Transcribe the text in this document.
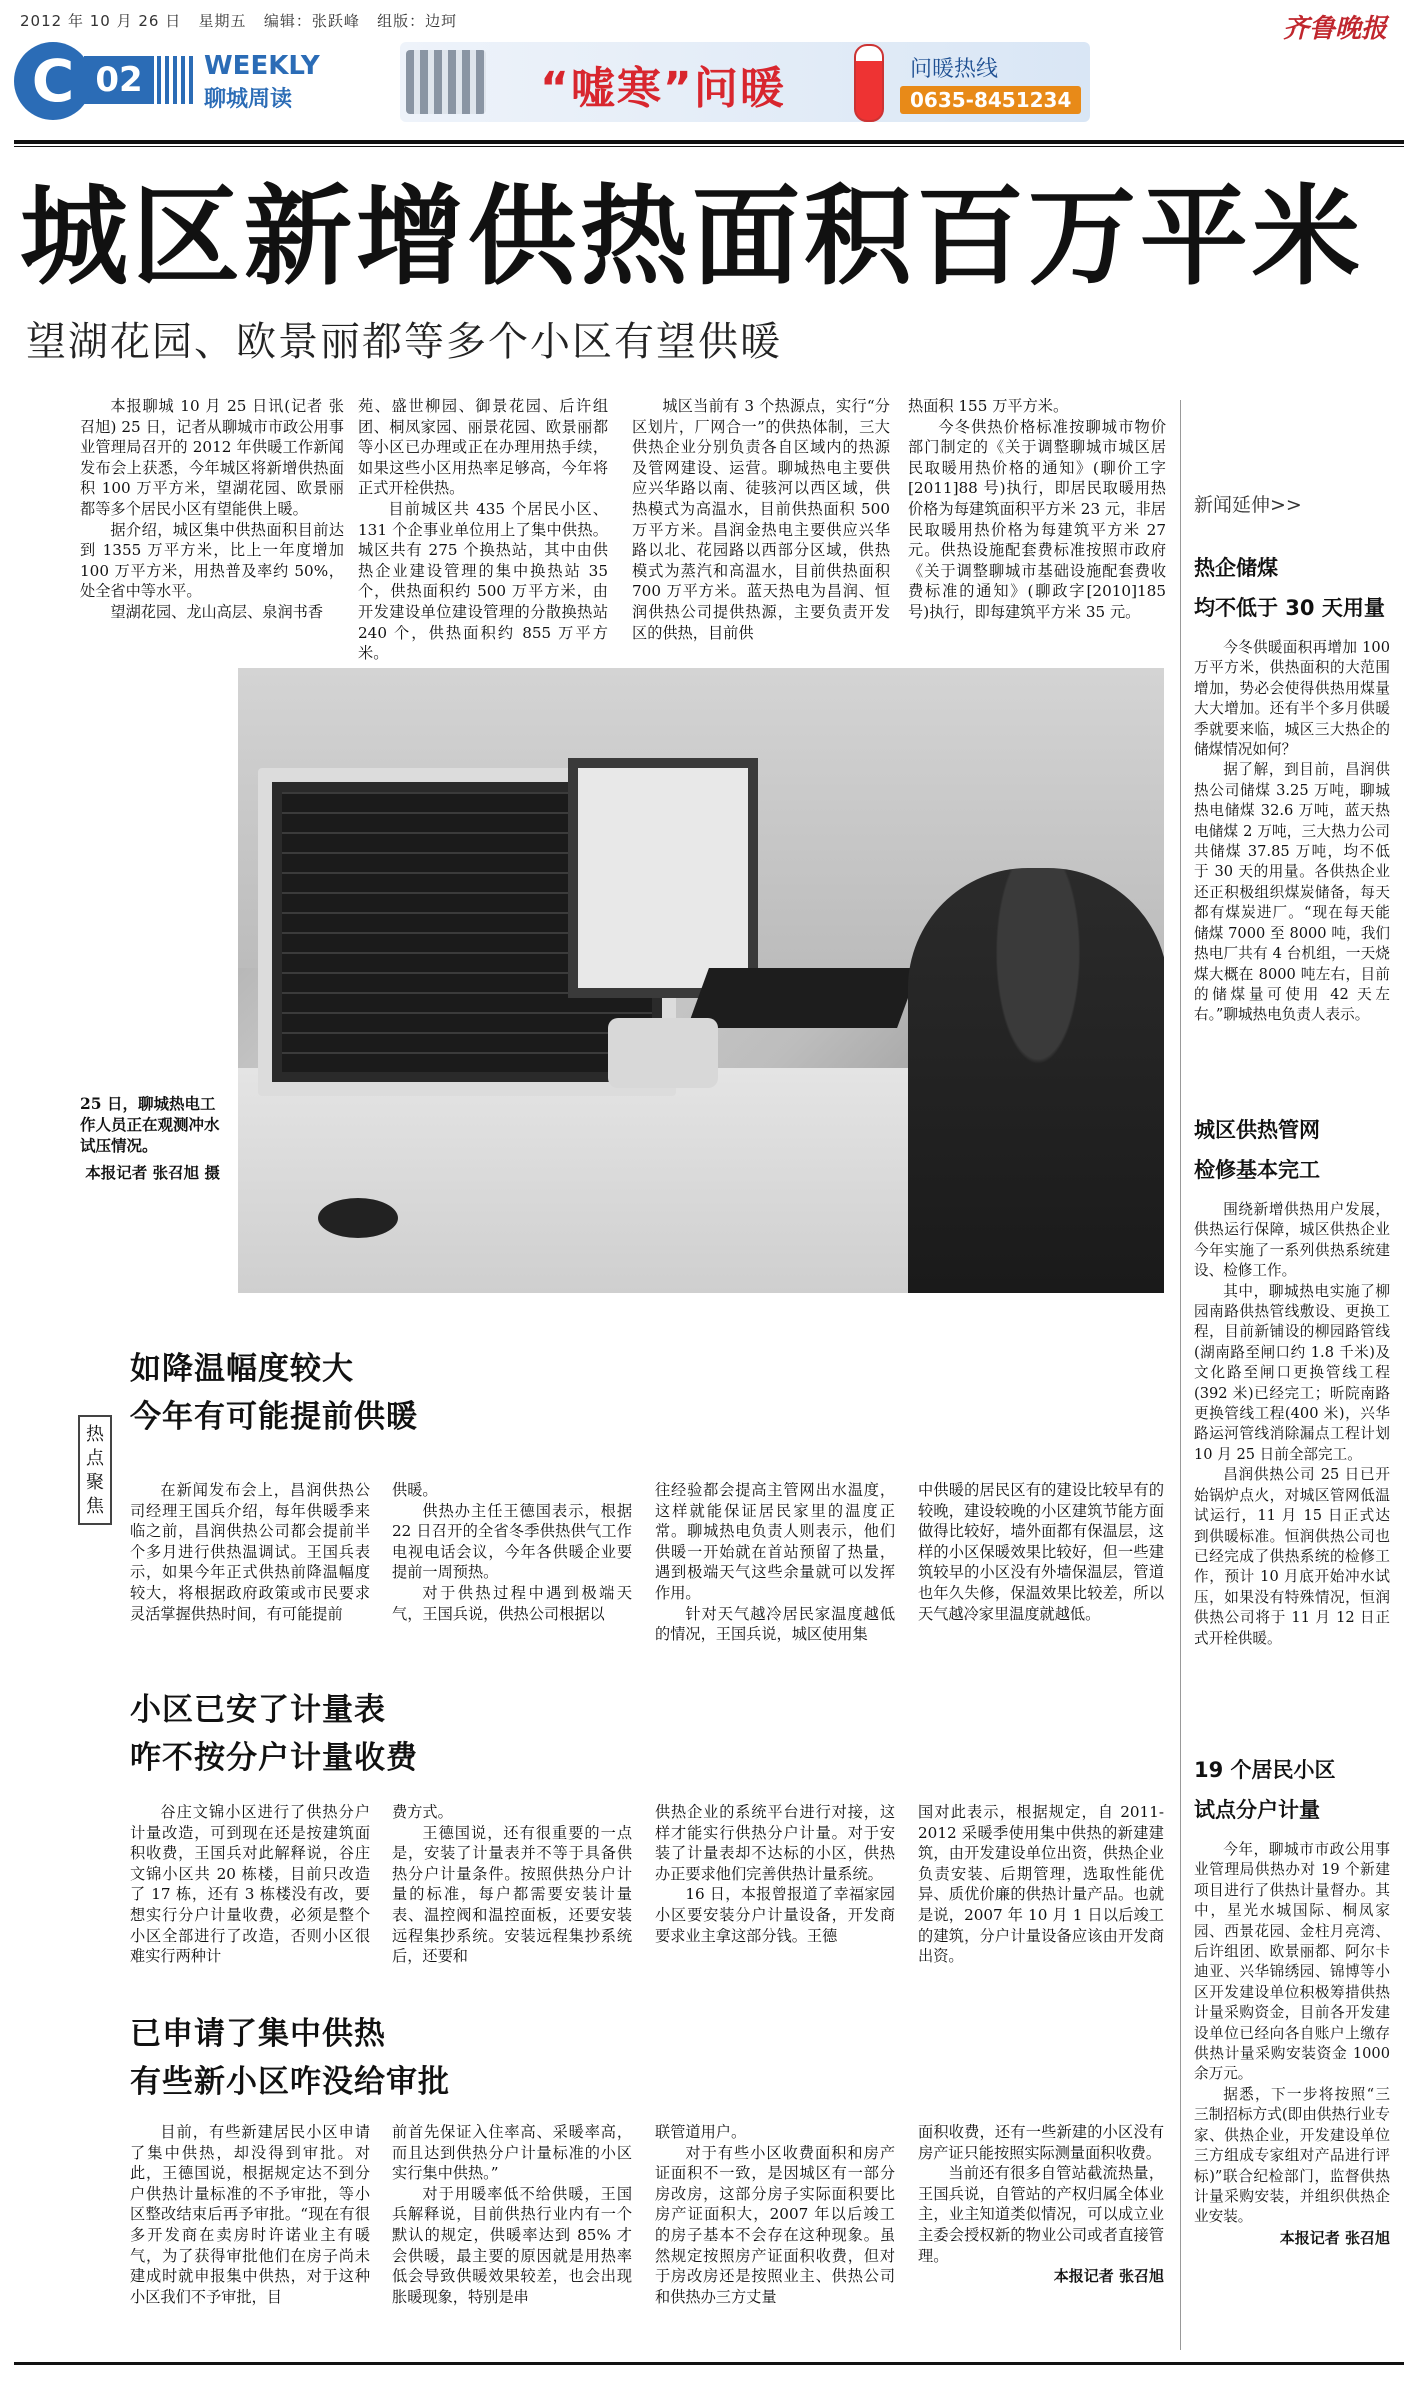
2012 年 10 月 26 日 星期五 编辑：张跃峰 组版：边珂	齐鲁晚报
02
C	WEEKLY
聊城周读	“嘘寒”问暖	问暖热线
0635-8451234
城区新增供热面积百万平米
望湖花园、欧景丽都等多个小区有望供暖

本报聊城 10 月 25 日讯(记者 张召旭) 25 日，记者从聊城市市政公用事业管理局召开的 2012 年供暖工作新闻发布会上获悉，今年城区将新增供热面积 100 万平方米，望湖花园、欧景丽都等多个居民小区有望能供上暖。

据介绍，城区集中供热面积目前达到 1355 万平方米，比上一年度增加 100 万平方米，用热普及率约 50%，处全省中等水平。

望湖花园、龙山高层、泉润书香

苑、盛世柳园、御景花园、后许组团、桐凤家园、丽景花园、欧景丽都等小区已办理或正在办理用热手续，如果这些小区用热率足够高，今年将正式开栓供热。

目前城区共 435 个居民小区、131 个企事业单位用上了集中供热。城区共有 275 个换热站，其中由供热企业建设管理的集中换热站 35 个，供热面积约 500 万平方米，由开发建设单位建设管理的分散换热站 240 个，供热面积约 855 万平方米。

城区当前有 3 个热源点，实行“分区划片，厂网合一”的供热体制，三大供热企业分别负责各自区域内的热源及管网建设、运营。聊城热电主要供应兴华路以南、徒骇河以西区域，供热模式为高温水，目前供热面积 500 万平方米。昌润金热电主要供应兴华路以北、花园路以西部分区域，供热模式为蒸汽和高温水，目前供热面积 700 万平方米。蓝天热电为昌润、恒润供热公司提供热源，主要负责开发区的供热，目前供

热面积 155 万平方米。

今冬供热价格标准按聊城市物价部门制定的《关于调整聊城市城区居民取暖用热价格的通知》(聊价工字[2011]88 号)执行，即居民取暖用热价格为每建筑面积平方米 23 元，非居民取暖用热价格为每建筑平方米 27 元。供热设施配套费标准按照市政府《关于调整聊城市基础设施配套费收费标准的通知》(聊政字[2010]185 号)执行，即每建筑平方米 35 元。

25 日，聊城热电工作人员正在观测冲水试压情况。
本报记者 张召旭 摄
热点聚焦
如降温幅度较大
今年有可能提前供暖

在新闻发布会上，昌润供热公司经理王国兵介绍，每年供暖季来临之前，昌润供热公司都会提前半个多月进行供热温调试。王国兵表示，如果今年正式供热前降温幅度较大，将根据政府政策或市民要求灵活掌握供热时间，有可能提前

供暖。

供热办主任王德国表示，根据 22 日召开的全省冬季供热供气工作电视电话会议，今年各供暖企业要提前一周预热。

对于供热过程中遇到极端天气，王国兵说，供热公司根据以

往经验都会提高主管网出水温度，这样就能保证居民家里的温度正常。聊城热电负责人则表示，他们供暖一开始就在首站预留了热量，遇到极端天气这些余量就可以发挥作用。

针对天气越冷居民家温度越低的情况，王国兵说，城区使用集

中供暖的居民区有的建设比较早有的较晚，建设较晚的小区建筑节能方面做得比较好，墙外面都有保温层，这样的小区保暖效果比较好，但一些建筑较早的小区没有外墙保温层，管道也年久失修，保温效果比较差，所以天气越冷家里温度就越低。

小区已安了计量表
咋不按分户计量收费

谷庄文锦小区进行了供热分户计量改造，可到现在还是按建筑面积收费，王国兵对此解释说，谷庄文锦小区共 20 栋楼，目前只改造了 17 栋，还有 3 栋楼没有改，要想实行分户计量收费，必须是整个小区全部进行了改造，否则小区很难实行两种计

费方式。

王德国说，还有很重要的一点是，安装了计量表并不等于具备供热分户计量条件。按照供热分户计量的标准，每户都需要安装计量表、温控阀和温控面板，还要安装远程集抄系统。安装远程集抄系统后，还要和

供热企业的系统平台进行对接，这样才能实行供热分户计量。对于安装了计量表却不达标的小区，供热办正要求他们完善供热计量系统。

16 日，本报曾报道了幸福家园小区要安装分户计量设备，开发商要求业主拿这部分钱。王德

国对此表示，根据规定，自 2011-2012 采暖季使用集中供热的新建建筑，由开发建设单位出资，供热企业负责安装、后期管理，选取性能优异、质优价廉的供热计量产品。也就是说，2007 年 10 月 1 日以后竣工的建筑，分户计量设备应该由开发商出资。

已申请了集中供热
有些新小区咋没给审批

目前，有些新建居民小区申请了集中供热，却没得到审批。对此，王德国说，根据规定达不到分户供热计量标准的不予审批，等小区整改结束后再予审批。“现在有很多开发商在卖房时许诺业主有暖气，为了获得审批他们在房子尚未建成时就申报集中供热，对于这种小区我们不予审批，目

前首先保证入住率高、采暖率高，而且达到供热分户计量标准的小区实行集中供热。”

对于用暖率低不给供暖，王国兵解释说，目前供热行业内有一个默认的规定，供暖率达到 85% 才会供暖，最主要的原因就是用热率低会导致供暖效果较差，也会出现胀暖现象，特别是串

联管道用户。

对于有些小区收费面积和房产证面积不一致，是因城区有一部分房改房，这部分房子实际面积要比房产证面积大，2007 年以后竣工的房子基本不会存在这种现象。虽然规定按照房产证面积收费，但对于房改房还是按照业主、供热公司和供热办三方丈量

面积收费，还有一些新建的小区没有房产证只能按照实际测量面积收费。

当前还有很多自管站截流热量，王国兵说，自管站的产权归属全体业主，业主知道类似情况，可以成立业主委会授权新的物业公司或者直接管理。

本报记者 张召旭
新闻延伸>>
热企储煤
均不低于 30 天用量

今冬供暖面积再增加 100 万平方米，供热面积的大范围增加，势必会使得供热用煤量大大增加。还有半个多月供暖季就要来临，城区三大热企的储煤情况如何？

据了解，到目前，昌润供热公司储煤 3.25 万吨，聊城热电储煤 32.6 万吨，蓝天热电储煤 2 万吨，三大热力公司共储煤 37.85 万吨，均不低于 30 天的用量。各供热企业还正积极组织煤炭储备，每天都有煤炭进厂。“现在每天能储煤 7000 至 8000 吨，我们热电厂共有 4 台机组，一天烧煤大概在 8000 吨左右，目前的储煤量可使用 42 天左右。”聊城热电负责人表示。

城区供热管网
检修基本完工

围绕新增供热用户发展，供热运行保障，城区供热企业今年实施了一系列供热系统建设、检修工作。

其中，聊城热电实施了柳园南路供热管线敷设、更换工程，目前新铺设的柳园路管线(湖南路至闸口约 1.8 千米)及文化路至闸口更换管线工程(392 米)已经完工；昕院南路更换管线工程(400 米)，兴华路运河管线消除漏点工程计划 10 月 25 日前全部完工。

昌润供热公司 25 日已开始锅炉点火，对城区管网低温试运行，11 月 15 日正式达到供暖标准。恒润供热公司也已经完成了供热系统的检修工作，预计 10 月底开始冲水试压，如果没有特殊情况，恒润供热公司将于 11 月 12 日正式开栓供暖。

19 个居民小区
试点分户计量

今年，聊城市市政公用事业管理局供热办对 19 个新建项目进行了供热计量督办。其中，星光水城国际、桐凤家园、西景花园、金柱月亮湾、后许组团、欧景丽都、阿尔卡迪亚、兴华锦绣园、锦博等小区开发建设单位积极筹措供热计量采购资金，目前各开发建设单位已经向各自账户上缴存供热计量采购安装资金 1000 余万元。

据悉，下一步将按照“三三制招标方式(即由供热行业专家、供热企业，开发建设单位三方组成专家组对产品进行评标)”联合纪检部门，监督供热计量采购安装，并组织供热企业安装。

本报记者 张召旭
